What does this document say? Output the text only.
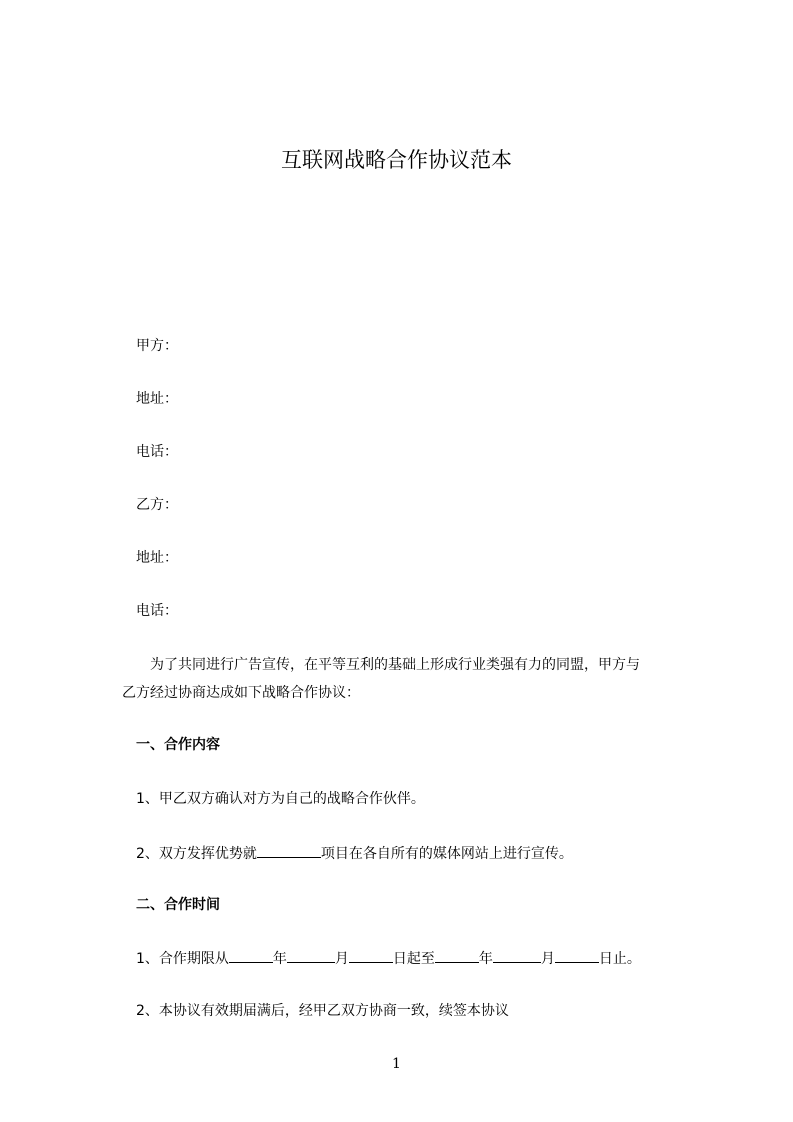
互联网战略合作协议范本
甲方：
地址：
电话：
乙方：
地址：
电话：
为了共同进行广告宣传，在平等互利的基础上形成行业类强有力的同盟，甲方与
乙方经过协商达成如下战略合作协议：
一、合作内容
1、甲乙双方确认对方为自己的战略合作伙伴。
2、双方发挥优势就	项目在各自所有的媒体网站上进行宣传。
二、合作时间
1、合作期限从	年	月	日起至	年	月	日止。
2、本协议有效期届满后，经甲乙双方协商一致，续签本协议
1
